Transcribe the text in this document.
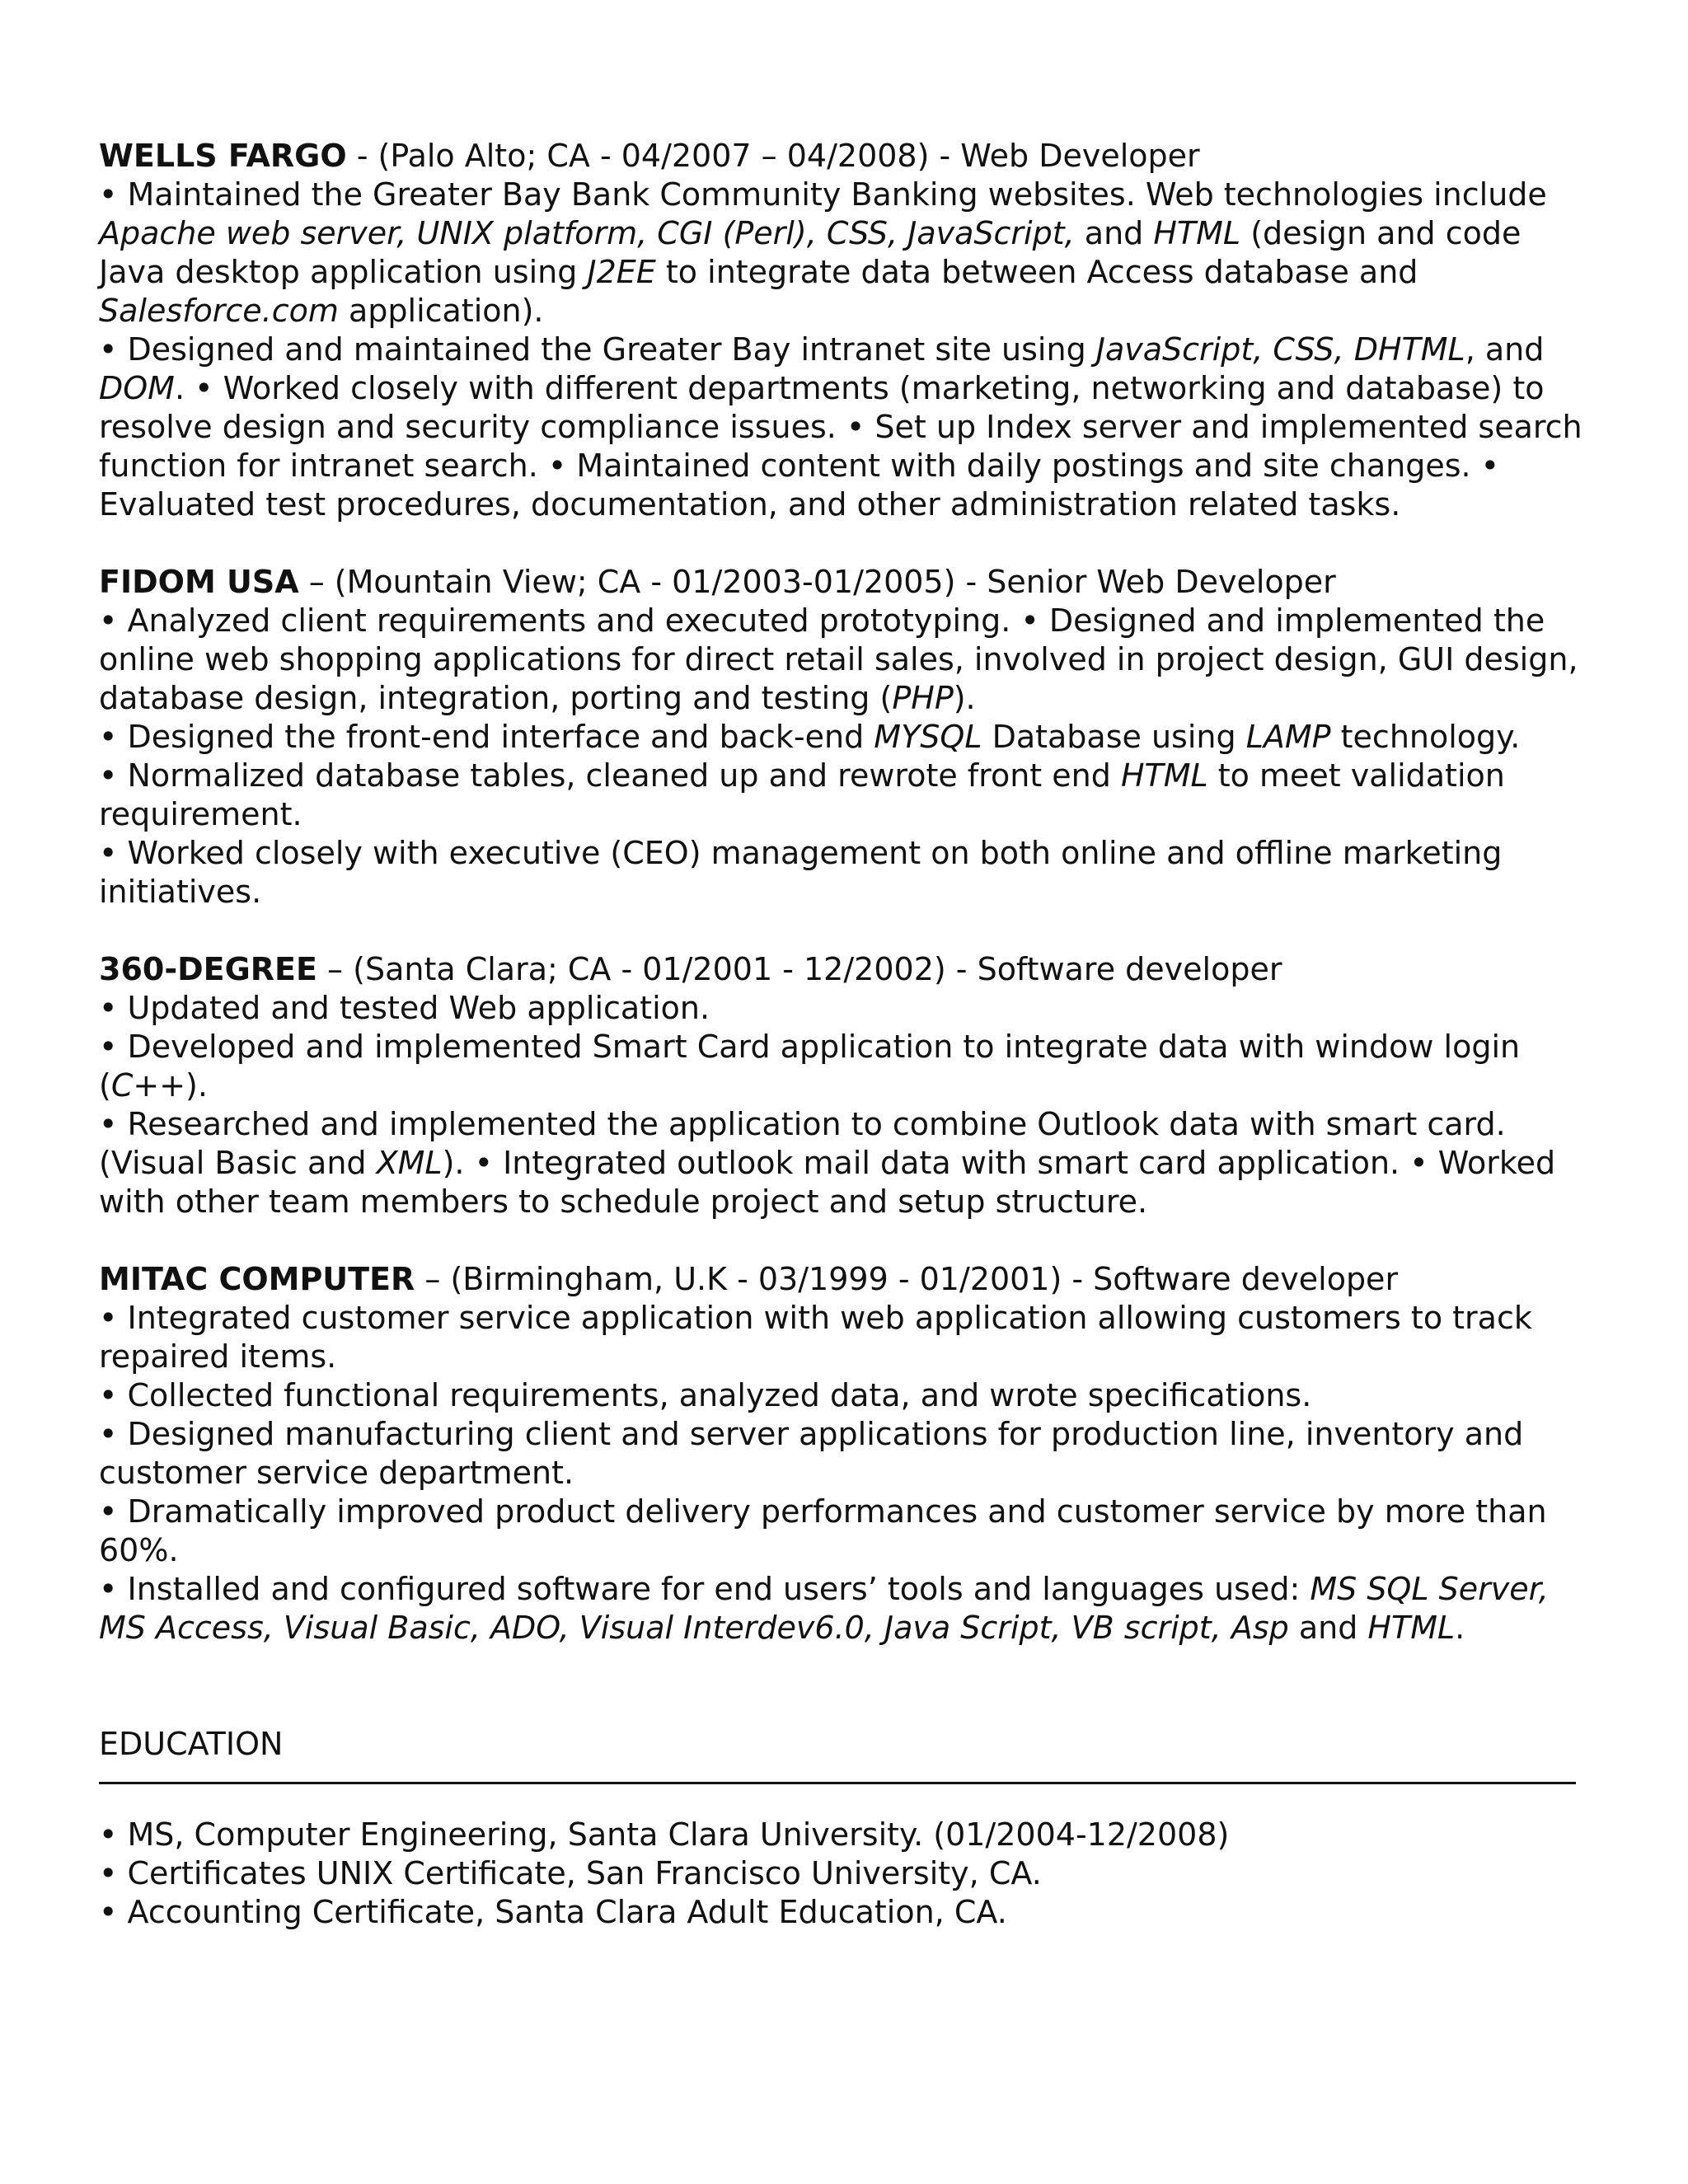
WELLS FARGO - (Palo Alto; CA - 04/2007 – 04/2008) - Web Developer

• Maintained the Greater Bay Bank Community Banking websites. Web technologies include Apache web server, UNIX platform, CGI (Perl), CSS, JavaScript, and HTML (design and code Java desktop application using J2EE to integrate data between Access database and Salesforce.com application).
• Designed and maintained the Greater Bay intranet site using JavaScript, CSS, DHTML, and DOM. • Worked closely with different departments (marketing, networking and database) to resolve design and security compliance issues. • Set up Index server and implemented search function for intranet search. • Maintained content with daily postings and site changes. • Evaluated test procedures, documentation, and other administration related tasks.

FIDOM USA – (Mountain View; CA - 01/2003-01/2005) - Senior Web Developer

• Analyzed client requirements and executed prototyping. • Designed and implemented the online web shopping applications for direct retail sales, involved in project design, GUI design, database design, integration, porting and testing (PHP).
• Designed the front-end interface and back-end MYSQL Database using LAMP technology.
• Normalized database tables, cleaned up and rewrote front end HTML to meet validation requirement.
• Worked closely with executive (CEO) management on both online and offline marketing initiatives.

360-DEGREE – (Santa Clara; CA - 01/2001 - 12/2002) - Software developer

• Updated and tested Web application.
• Developed and implemented Smart Card application to integrate data with window login (C++).
• Researched and implemented the application to combine Outlook data with smart card. (Visual Basic and XML). • Integrated outlook mail data with smart card application. • Worked with other team members to schedule project and setup structure.

MITAC COMPUTER – (Birmingham, U.K - 03/1999 - 01/2001) - Software developer

• Integrated customer service application with web application allowing customers to track repaired items.
• Collected functional requirements, analyzed data, and wrote specifications.
• Designed manufacturing client and server applications for production line, inventory and customer service department.
• Dramatically improved product delivery performances and customer service by more than 60%.
• Installed and configured software for end users’ tools and languages used: MS SQL Server, MS Access, Visual Basic, ADO, Visual Interdev6.0, Java Script, VB script, Asp and HTML.

EDUCATION
• MS, Computer Engineering, Santa Clara University. (01/2004-12/2008)
• Certificates UNIX Certificate, San Francisco University, CA.
• Accounting Certificate, Santa Clara Adult Education, CA.
